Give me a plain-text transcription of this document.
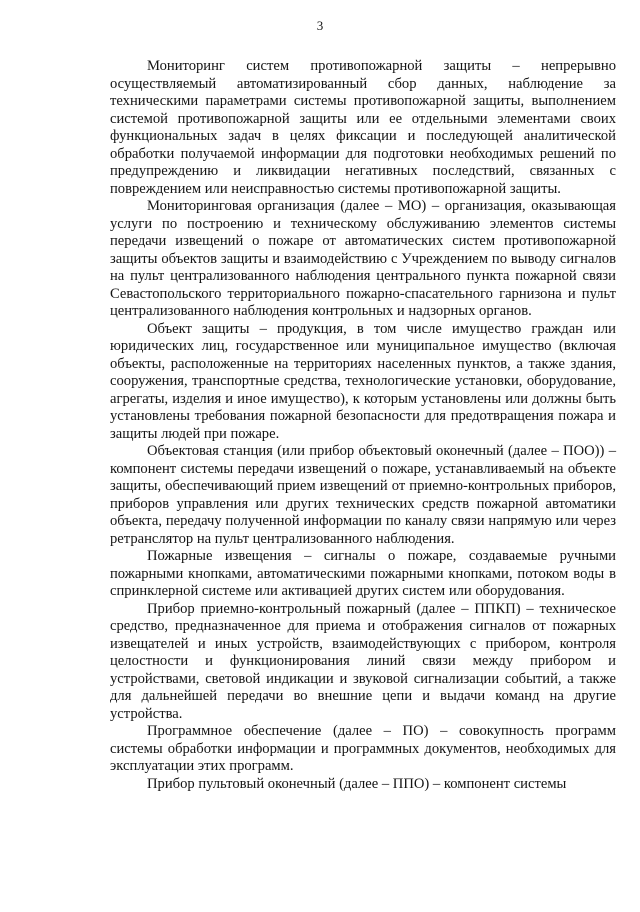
3

Мониторинг систем противопожарной защиты – непрерывно осуществляемый автоматизированный сбор данных, наблюдение за техническими параметрами системы противопожарной защиты, выполнением системой противопожарной защиты или ее отдельными элементами своих функциональных задач в целях фиксации и последующей аналитической обработки получаемой информации для подготовки необходимых решений по предупреждению и ликвидации негативных последствий, связанных с повреждением или неисправностью системы противопожарной защиты.

Мониторинговая организация (далее – МО) – организация, оказывающая услуги по построению и техническому обслуживанию элементов системы передачи извещений о пожаре от автоматических систем противопожарной защиты объектов защиты и взаимодействию с Учреждением по выводу сигналов на пульт централизованного наблюдения центрального пункта пожарной связи Севастопольского территориального пожарно-спасательного гарнизона и пульт централизованного наблюдения контрольных и надзорных органов.

Объект защиты – продукция, в том числе имущество граждан или юридических лиц, государственное или муниципальное имущество (включая объекты, расположенные на территориях населенных пунктов, а также здания, сооружения, транспортные средства, технологические установки, оборудование, агрегаты, изделия и иное имущество), к которым установлены или должны быть установлены требования пожарной безопасности для предотвращения пожара и защиты людей при пожаре.

Объектовая станция (или прибор объектовый оконечный (далее – ПОО)) – компонент системы передачи извещений о пожаре, устанавливаемый на объекте защиты, обеспечивающий прием извещений от приемно-контрольных приборов, приборов управления или других технических средств пожарной автоматики объекта, передачу полученной информации по каналу связи напрямую или через ретранслятор на пульт централизованного наблюдения.

Пожарные извещения – сигналы о пожаре, создаваемые ручными пожарными кнопками, автоматическими пожарными кнопками, потоком воды в спринклерной системе или активацией других систем или оборудования.

Прибор приемно-контрольный пожарный (далее – ППКП) – техническое средство, предназначенное для приема и отображения сигналов от пожарных извещателей и иных устройств, взаимодействующих с прибором, контроля целостности и функционирования линий связи между прибором и устройствами, световой индикации и звуковой сигнализации событий, а также для дальнейшей передачи во внешние цепи и выдачи команд на другие устройства.

Программное обеспечение (далее – ПО) – совокупность программ системы обработки информации и программных документов, необходимых для эксплуатации этих программ.

Прибор пультовый оконечный (далее – ППО) – компонент системы
